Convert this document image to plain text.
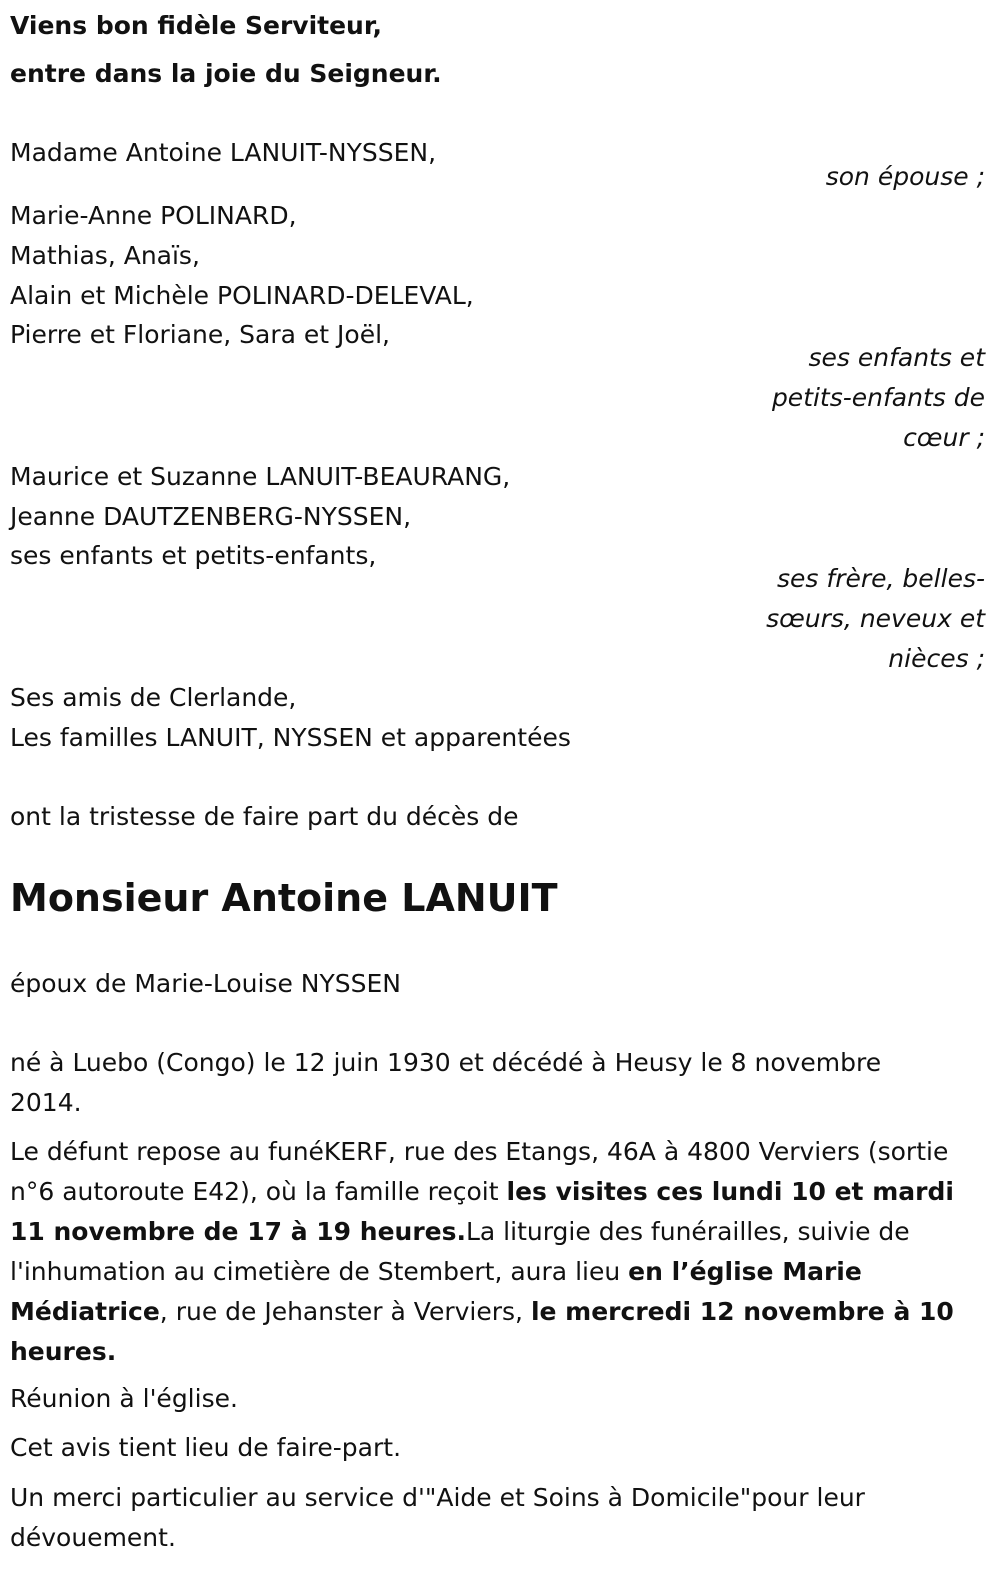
Viens bon fidèle Serviteur,
entre dans la joie du Seigneur.
Madame Antoine LANUIT-NYSSEN,
son épouse ;
Marie-Anne POLINARD,
Mathias, Anaïs,
Alain et Michèle POLINARD-DELEVAL,
Pierre et Floriane, Sara et Joël,
ses enfants et petits-enfants de cœur ;
Maurice et Suzanne LANUIT-BEAURANG,
Jeanne DAUTZENBERG-NYSSEN,
ses enfants et petits-enfants,
ses frère, belles-sœurs, neveux et nièces ;
Ses amis de Clerlande,
Les familles LANUIT, NYSSEN et apparentées
ont la tristesse de faire part du décès de
Monsieur Antoine LANUIT
époux de Marie-Louise NYSSEN
né à Luebo (Congo) le 12 juin 1930 et décédé à Heusy le 8 novembre 2014.
Le défunt repose au funéKERF, rue des Etangs, 46A à 4800 Verviers (sortie n°6 autoroute E42), où la famille reçoit les visites ces lundi 10 et mardi 11 novembre de 17 à 19 heures.La liturgie des funérailles, suivie de l'inhumation au cimetière de Stembert, aura lieu en l’église Marie Médiatrice, rue de Jehanster à Verviers, le mercredi 12 novembre à 10 heures.
Réunion à l'église.
Cet avis tient lieu de faire-part.
Un merci particulier au service d'"Aide et Soins à Domicile"pour leur dévouement.
